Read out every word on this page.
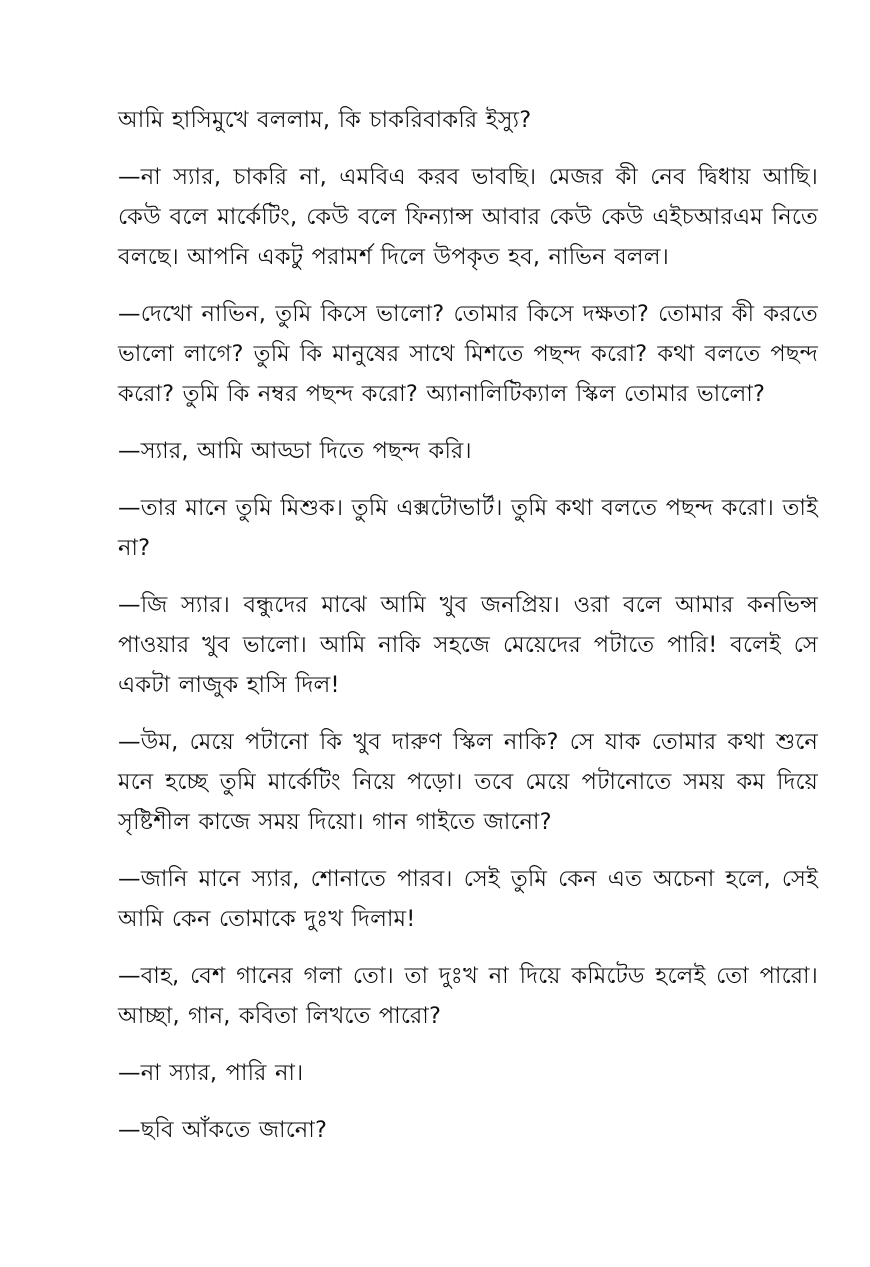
আমি হাসিমুখে বললাম, কি চাকরিবাকরি ইস্যু?

—না স্যার, চাকরি না, এমবিএ করব ভাবছি। মেজর কী নেব দ্বিধায় আছি। কেউ বলে মার্কেটিং, কেউ বলে ফিন্যান্স আবার কেউ কেউ এইচআরএম নিতে বলছে। আপনি একটু পরামর্শ দিলে উপকৃত হব, নাভিন বলল।

—দেখো নাভিন, তুমি কিসে ভালো? তোমার কিসে দক্ষতা? তোমার কী করতে ভালো লাগে? তুমি কি মানুষের সাথে মিশতে পছন্দ করো? কথা বলতে পছন্দ করো? তুমি কি নম্বর পছন্দ করো? অ্যানালিটিক্যাল স্কিল তোমার ভালো?

—স্যার, আমি আড্ডা দিতে পছন্দ করি।

—তার মানে তুমি মিশুক। তুমি এক্সটোভার্ট। তুমি কথা বলতে পছন্দ করো। তাই না?

—জি স্যার। বন্ধুদের মাঝে আমি খুব জনপ্রিয়। ওরা বলে আমার কনভিন্স পাওয়ার খুব ভালো। আমি নাকি সহজে মেয়েদের পটাতে পারি! বলেই সে একটা লাজুক হাসি দিল!

—উম, মেয়ে পটানো কি খুব দারুণ স্কিল নাকি? সে যাক তোমার কথা শুনে মনে হচ্ছে তুমি মার্কেটিং নিয়ে পড়ো। তবে মেয়ে পটানোতে সময় কম দিয়ে সৃষ্টিশীল কাজে সময় দিয়ো। গান গাইতে জানো?

—জানি মানে স্যার, শোনাতে পারব। সেই তুমি কেন এত অচেনা হলে, সেই আমি কেন তোমাকে দুঃখ দিলাম!

—বাহ, বেশ গানের গলা তো। তা দুঃখ না দিয়ে কমিটেড হলেই তো পারো। আচ্ছা, গান, কবিতা লিখতে পারো?

—না স্যার, পারি না।

—ছবি আঁকতে জানো?
